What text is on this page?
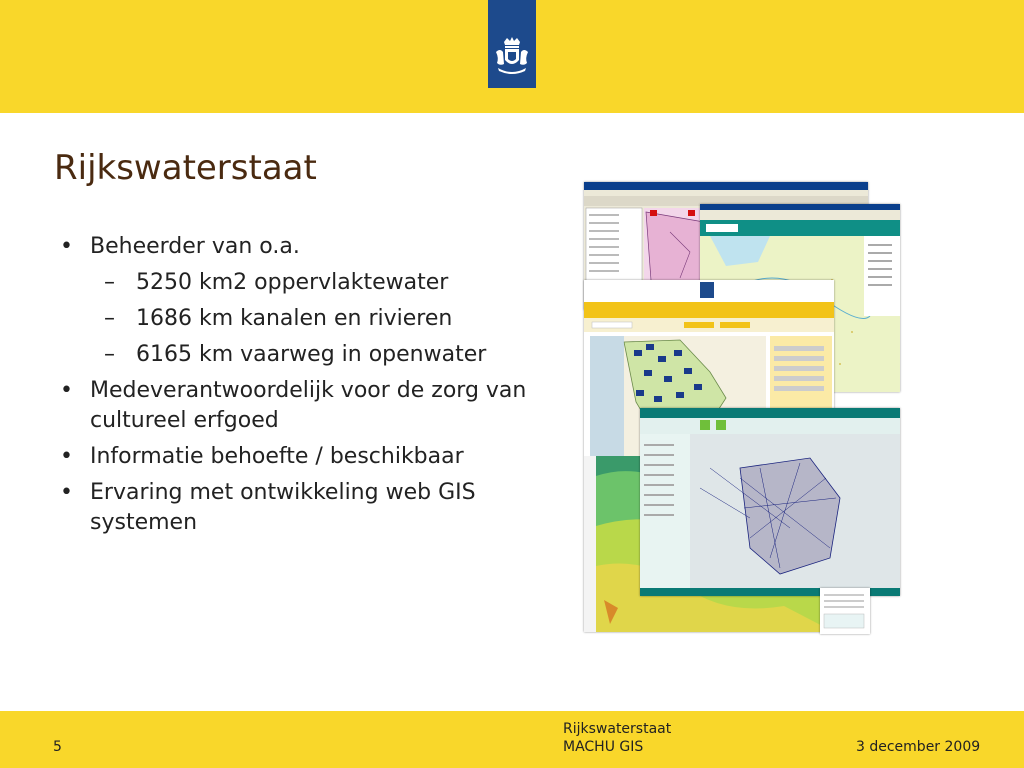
Rijkswaterstaat
• Beheerder van o.a.
– 5250 km2 oppervlaktewater
– 1686 km kanalen en rivieren
– 6165 km vaarweg in openwater
• Medeverantwoordelijk voor de zorg van cultureel erfgoed
• Informatie behoefte / beschikbaar
• Ervaring met ontwikkeling web GIS systemen
5
Rijkswaterstaat
MACHU GIS	3 december 2009
